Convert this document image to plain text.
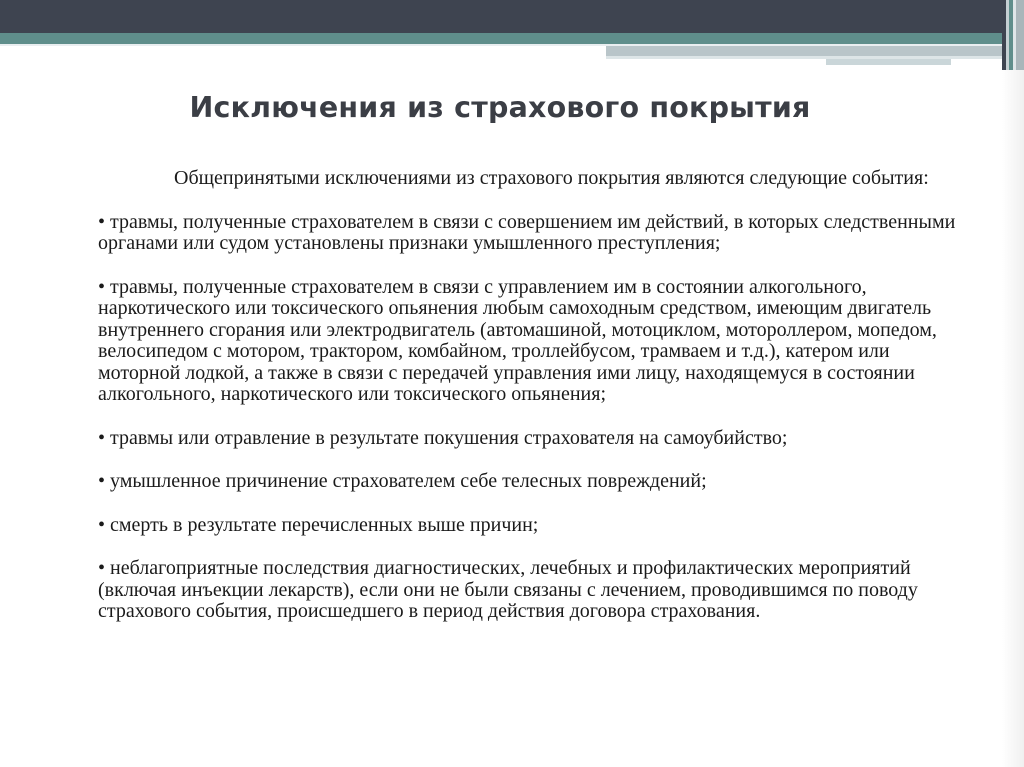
Исключения из страхового покрытия

Общепринятыми исключениями из страхового покрытия являются следующие события:

• травмы, полученные страхователем в связи с совершением им действий, в которых следственными органами или судом установлены признаки умышленного преступления;

• травмы, полученные страхователем в связи с управлением им в состоянии алкогольного, наркотического или токсического опьянения любым самоходным средством, имеющим двигатель внутреннего сгорания или электродвигатель (автомашиной, мотоциклом, мотороллером, мопедом, велосипедом с мотором, трактором, комбайном, троллейбусом, трамваем и т.д.), катером или моторной лодкой, а также в связи с передачей управления ими лицу, находящемуся в состоянии алкогольного, наркотического или токсического опьянения;

• травмы или отравление в результате покушения страхователя на самоубийство;

• умышленное причинение страхователем себе телесных повреждений;

• смерть в результате перечисленных выше причин;

• неблагоприятные последствия диагностических, лечебных и профилактических мероприятий (включая инъекции лекарств), если они не были связаны с лечением, проводившимся по поводу страхового события, происшедшего в период действия договора страхования.
